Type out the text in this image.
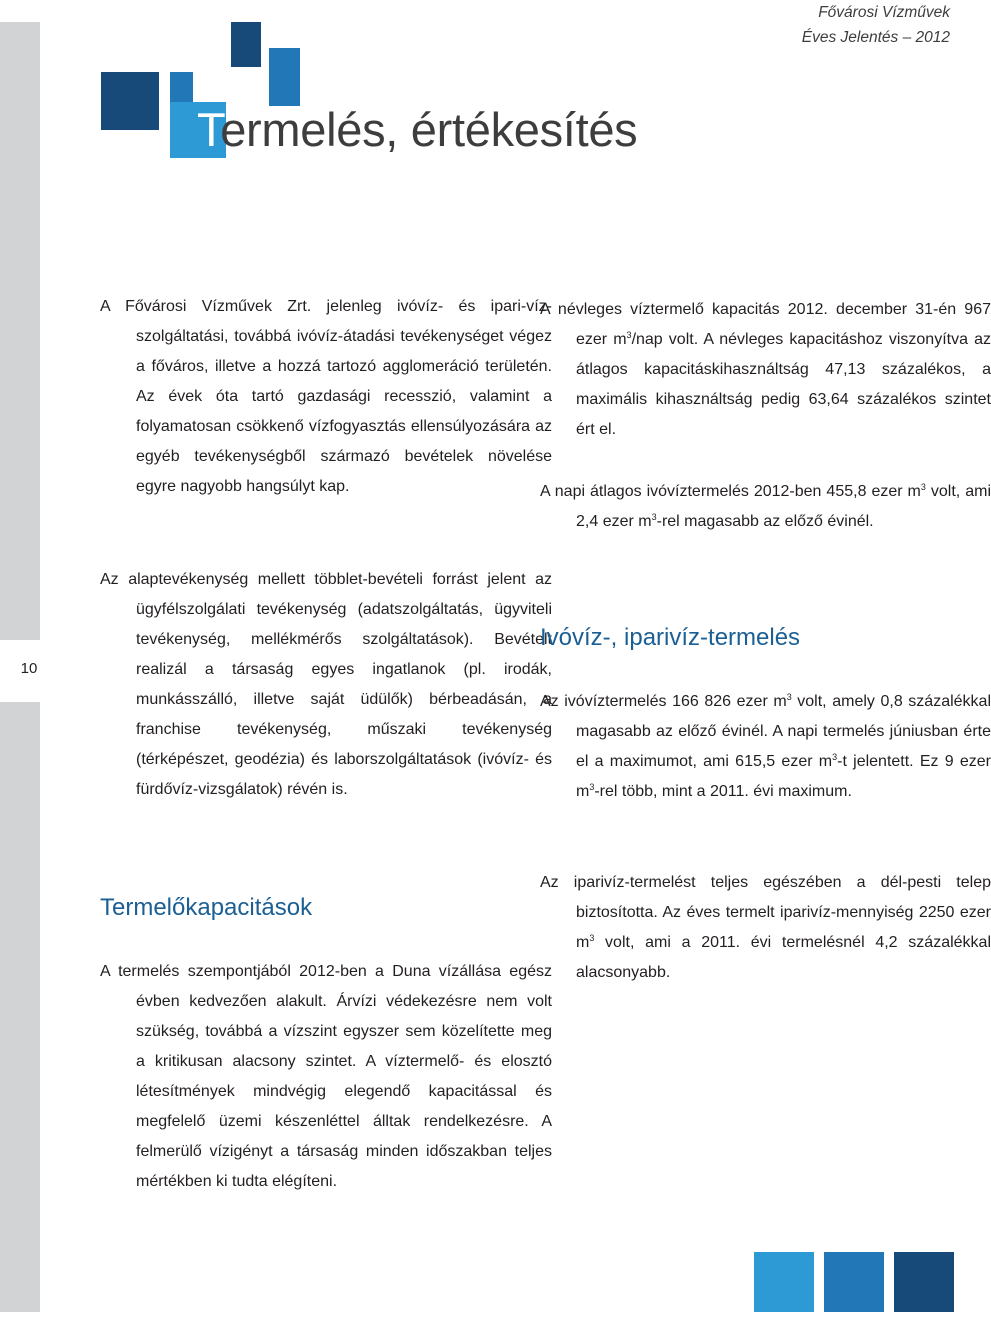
10
Fővárosi Vízművek
Éves Jelentés – 2012
Termelés, értékesítés

A Fővárosi Vízművek Zrt. jelenleg ivóvíz- és ipari-víz-szolgáltatási, továbbá ivóvíz-átadási tevékenységet végez a főváros, illetve a hozzá tartozó agglomeráció területén. Az évek óta tartó gazdasági recesszió, valamint a folyamatosan csökkenő vízfogyasztás ellensúlyozására az egyéb tevékenységből származó bevételek növelése egyre nagyobb hangsúlyt kap.

Az alaptevékenység mellett többlet-bevételi forrást jelent az ügyfélszolgálati tevékenység (adatszolgáltatás, ügyviteli tevékenység, mellékmérős szolgáltatások). Bevételt realizál a társaság egyes ingatlanok (pl. irodák, munkásszálló, illetve saját üdülők) bérbeadásán, a franchise tevékenység, műszaki tevékenység (térképészet, geodézia) és laborszolgáltatások (ivóvíz- és fürdővíz-vizsgálatok) révén is.

Termelőkapacitások

A termelés szempontjából 2012-ben a Duna vízállása egész évben kedvezően alakult. Árvízi védekezésre nem volt szükség, továbbá a vízszint egyszer sem közelítette meg a kritikusan alacsony szintet. A víztermelő- és elosztó létesítmények mindvégig elegendő kapacitással és megfelelő üzemi készenléttel álltak rendelkezésre. A felmerülő vízigényt a társaság minden időszakban teljes mértékben ki tudta elégíteni.

A névleges víztermelő kapacitás 2012. december 31-én 967 ezer $m^3$/nap volt. A névleges kapacitáshoz viszonyítva az átlagos kapacitáskihasználtság 47,13 százalékos, a maximális kihasználtság pedig 63,64 százalékos szintet ért el.

A napi átlagos ivóvíztermelés 2012-ben 455,8 ezer $m^3$ volt, ami 2,4 ezer $m^3$-rel magasabb az előző évinél.

Ivóvíz-, iparivíz-termelés

Az ivóvíztermelés 166 826 ezer $m^3$ volt, amely 0,8 százalékkal magasabb az előző évinél. A napi termelés júniusban érte el a maximumot, ami 615,5 ezer $m^3-t$ jelentett. Ez 9 ezer $m^3$-rel több, mint a 2011. évi maximum.

Az iparivíz-termelést teljes egészében a dél-pesti telep biztosította. Az éves termelt iparivíz-mennyiség 2250 ezer $m^3$ volt, ami a 2011. évi termelésnél 4,2 százalékkal alacsonyabb.
